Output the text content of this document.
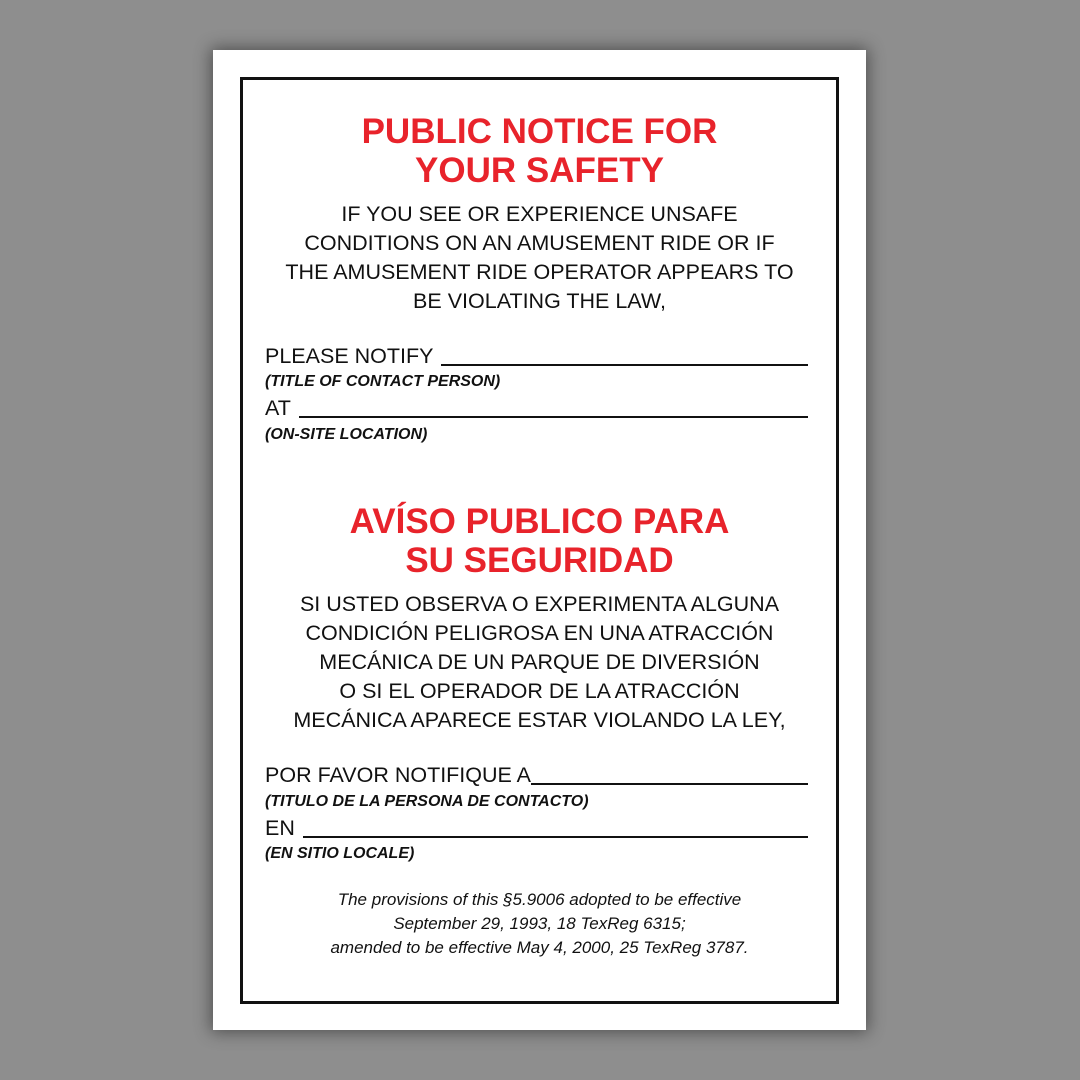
PUBLIC NOTICE FOR
YOUR SAFETY

IF YOU SEE OR EXPERIENCE UNSAFE
CONDITIONS ON AN AMUSEMENT RIDE OR IF
THE AMUSEMENT RIDE OPERATOR APPEARS TO
BE VIOLATING THE LAW,

PLEASE NOTIFY
(TITLE OF CONTACT PERSON)
AT
(ON-SITE LOCATION)
AVÍSO PUBLICO PARA
SU SEGURIDAD

SI USTED OBSERVA O EXPERIMENTA ALGUNA
CONDICIÓN PELIGROSA EN UNA ATRACCIÓN
MECÁNICA DE UN PARQUE DE DIVERSIÓN
O SI EL OPERADOR DE LA ATRACCIÓN
MECÁNICA APARECE ESTAR VIOLANDO LA LEY,

POR FAVOR NOTIFIQUE A
(TITULO DE LA PERSONA DE CONTACTO)
EN
(EN SITIO LOCALE)
The provisions of this §5.9006 adopted to be effective
September 29, 1993, 18 TexReg 6315;
amended to be effective May 4, 2000, 25 TexReg 3787.
